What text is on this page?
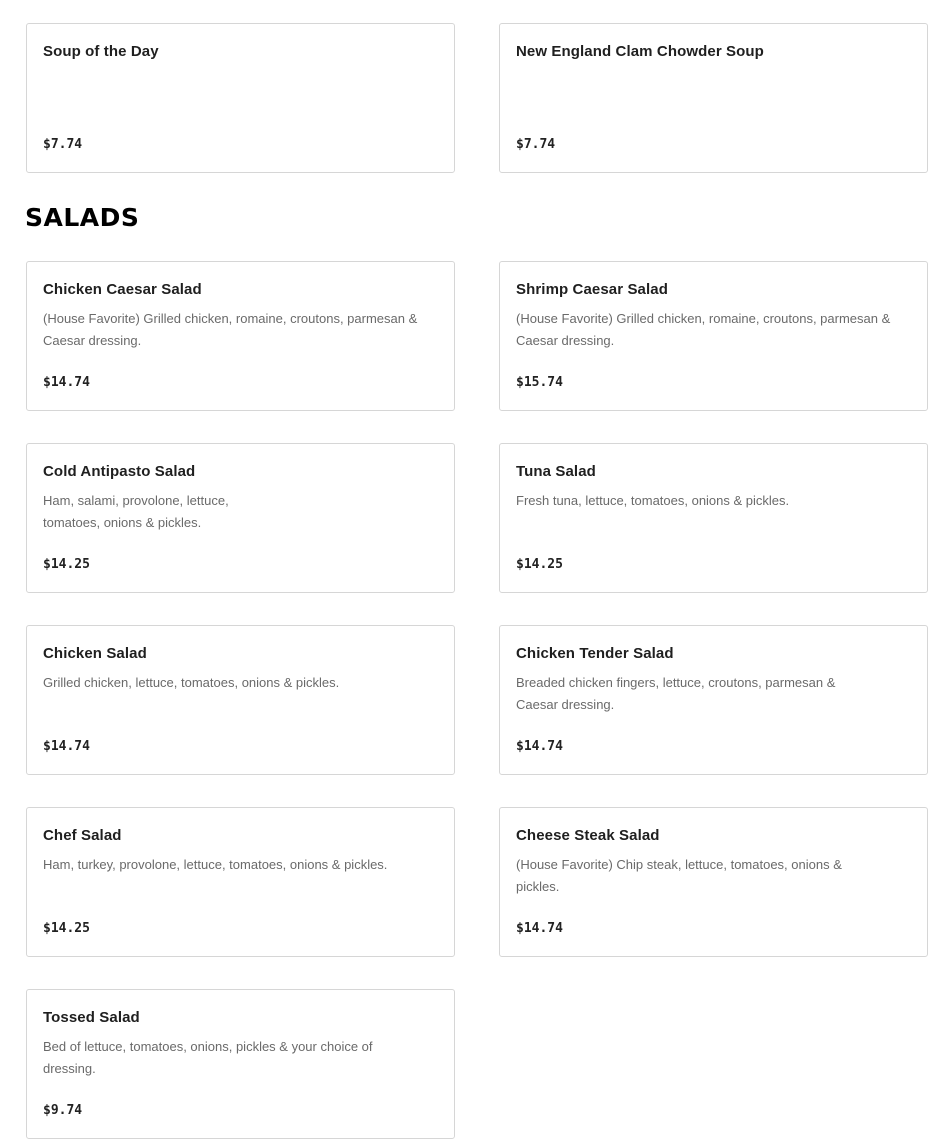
Soup of the Day
$7.74
New England Clam Chowder Soup
$7.74
SALADS
Chicken Caesar Salad
(House Favorite) Grilled chicken, romaine, croutons, parmesan & Caesar dressing.
$14.74
Shrimp Caesar Salad
(House Favorite) Grilled chicken, romaine, croutons, parmesan & Caesar dressing.
$15.74
Cold Antipasto Salad
Ham, salami, provolone, lettuce, tomatoes, onions & pickles.
$14.25
Tuna Salad
Fresh tuna, lettuce, tomatoes, onions & pickles.
$14.25
Chicken Salad
Grilled chicken, lettuce, tomatoes, onions & pickles.
$14.74
Chicken Tender Salad
Breaded chicken fingers, lettuce, croutons, parmesan & Caesar dressing.
$14.74
Chef Salad
Ham, turkey, provolone, lettuce, tomatoes, onions & pickles.
$14.25
Cheese Steak Salad
(House Favorite) Chip steak, lettuce, tomatoes, onions & pickles.
$14.74
Tossed Salad
Bed of lettuce, tomatoes, onions, pickles & your choice of dressing.
$9.74
